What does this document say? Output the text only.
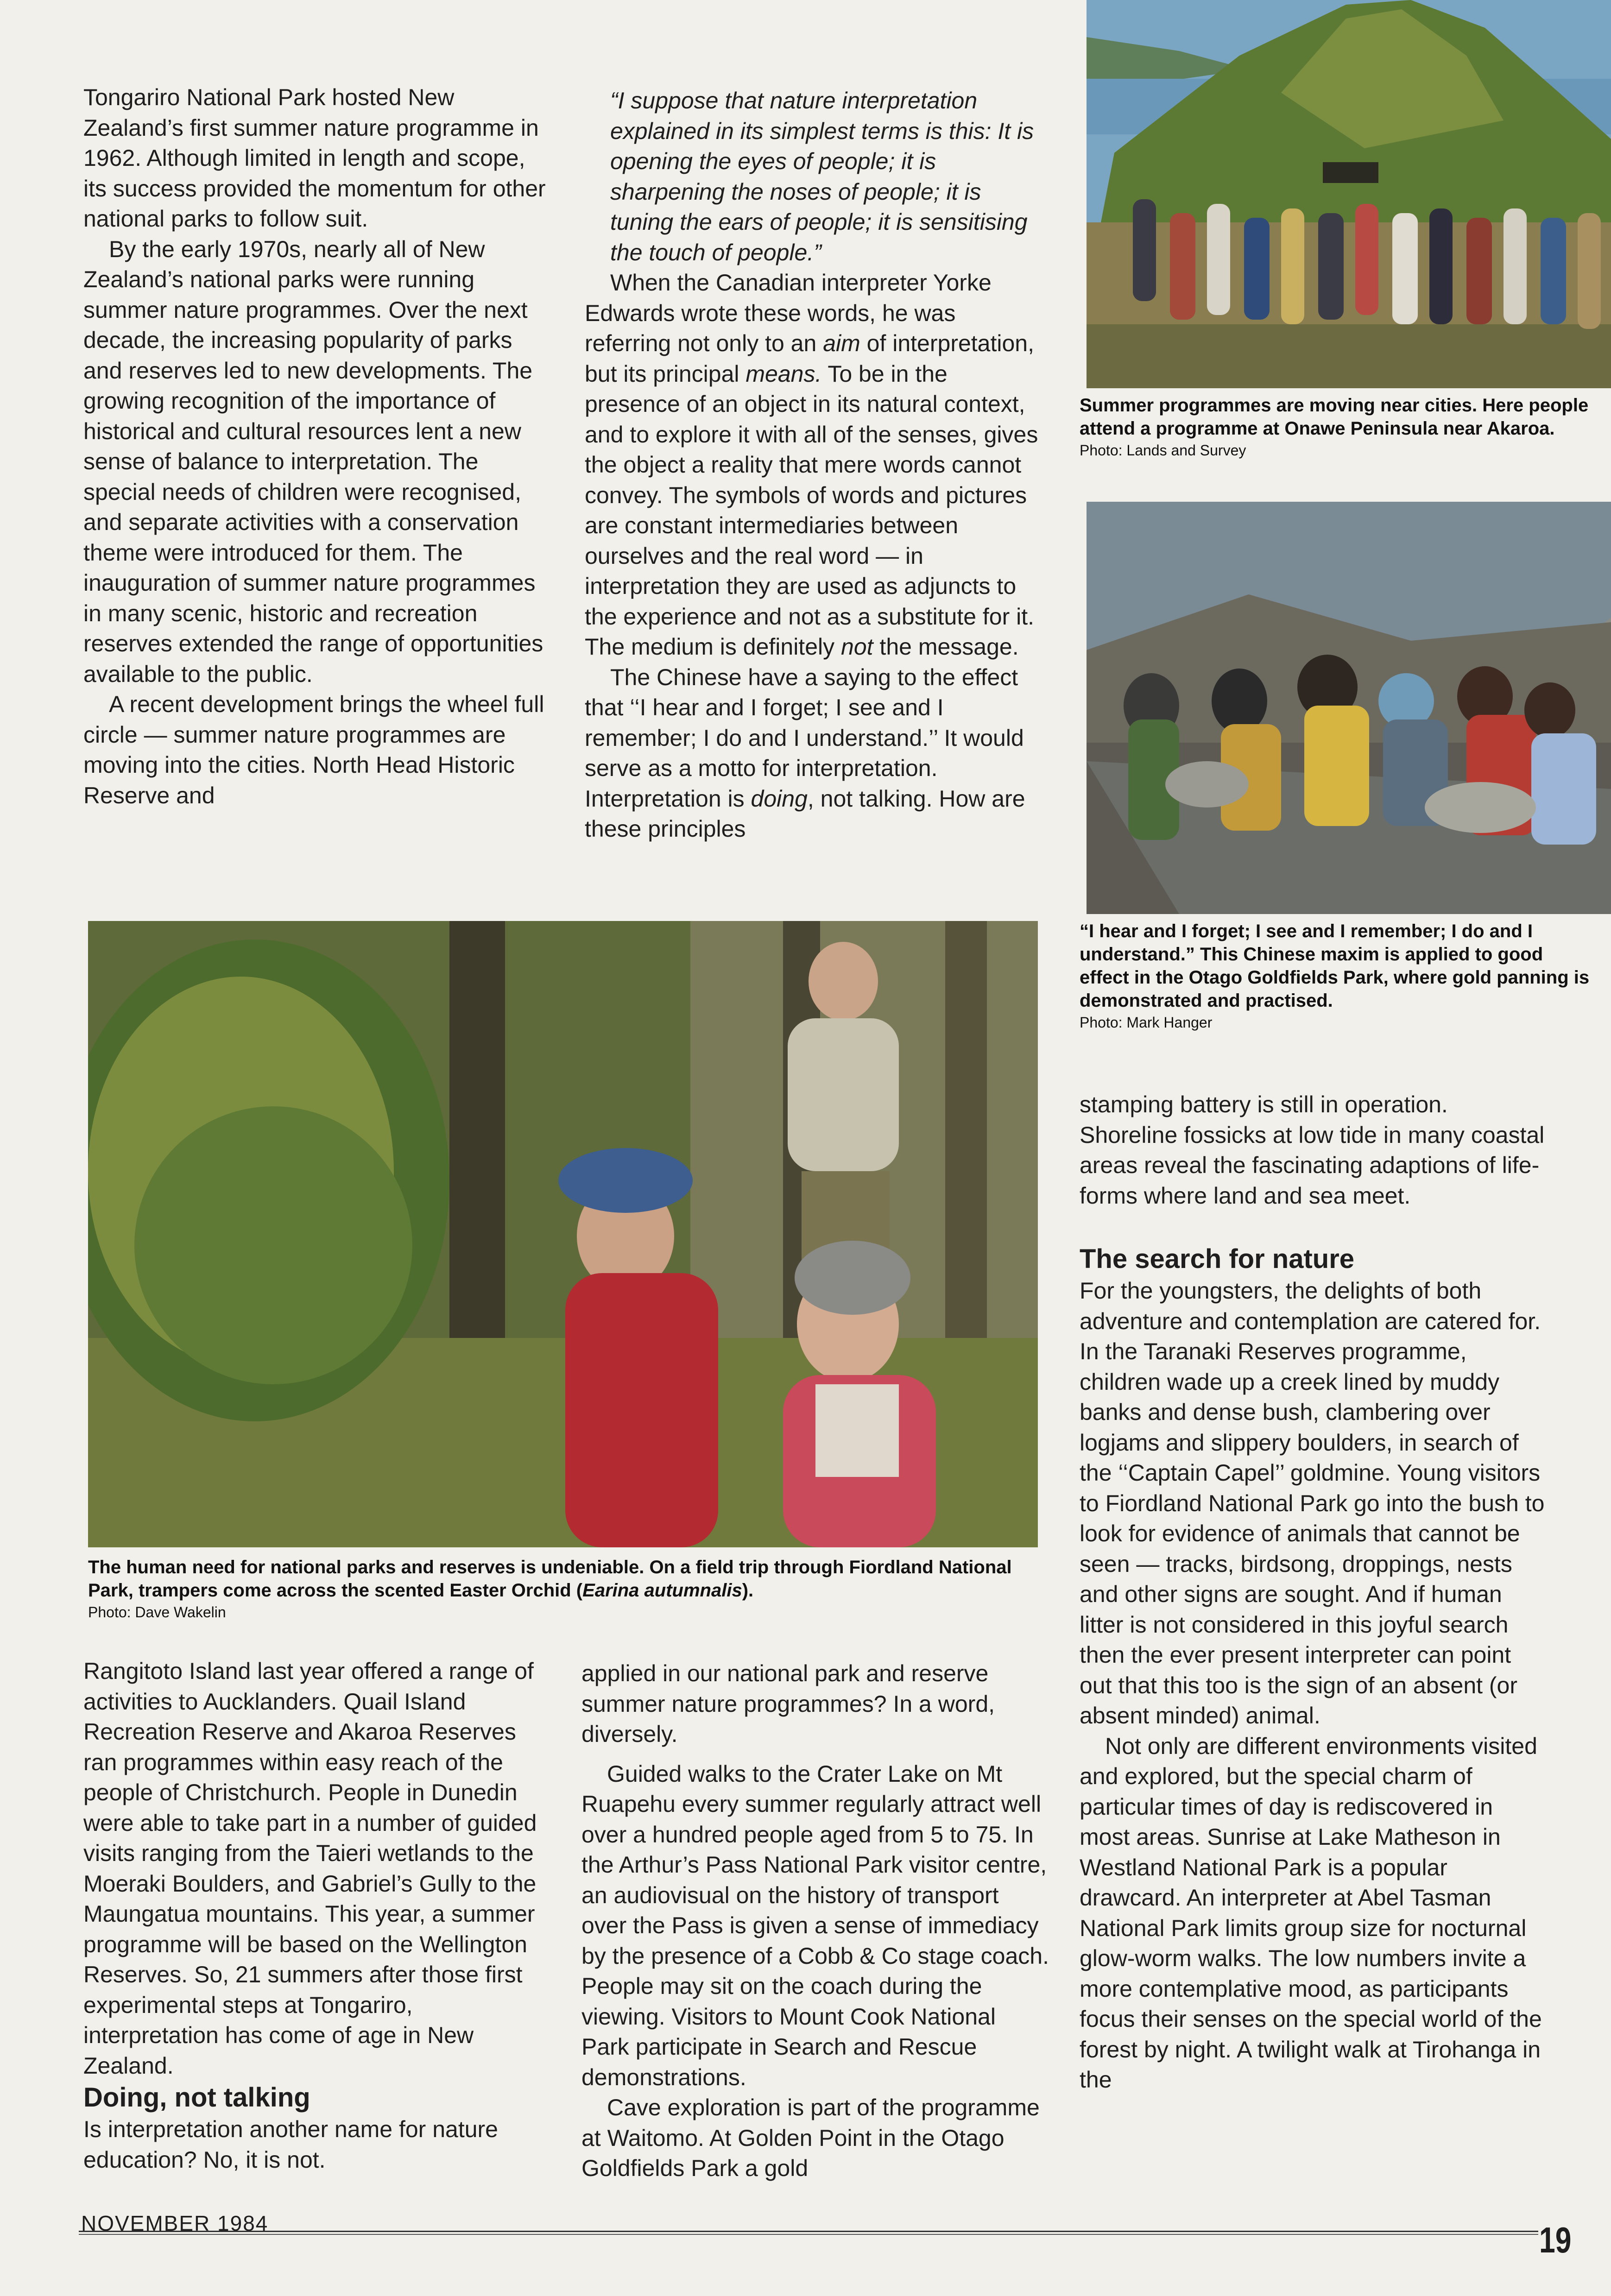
Tongariro National Park hosted New Zealand’s first summer nature programme in 1962. Although limited in length and scope, its success provided the momentum for other national parks to follow suit.

By the early 1970s, nearly all of New Zealand’s national parks were running summer nature programmes. Over the next decade, the increasing popularity of parks and reserves led to new developments. The growing recognition of the importance of historical and cultural resources lent a new sense of balance to interpretation. The special needs of children were recognised, and separate activities with a conservation theme were introduced for them. The inauguration of summer nature programmes in many scenic, historic and recreation reserves extended the range of opportunities available to the public.

A recent development brings the wheel full circle — summer nature programmes are moving into the cities. North Head Historic Reserve and

“I suppose that nature interpretation explained in its simplest terms is this: It is opening the eyes of people; it is sharpening the noses of people; it is tuning the ears of people; it is sensitising the touch of people.”

When the Canadian interpreter Yorke Edwards wrote these words, he was referring not only to an aim of interpretation, but its principal means. To be in the presence of an object in its natural context, and to explore it with all of the senses, gives the object a reality that mere words cannot convey. The symbols of words and pictures are constant intermediaries between ourselves and the real word — in interpretation they are used as adjuncts to the experience and not as a substitute for it. The medium is definitely not the message.

The Chinese have a saying to the effect that ‘‘I hear and I forget; I see and I remember; I do and I understand.’’ It would serve as a motto for interpretation. Interpretation is doing, not talking. How are these principles

Summer programmes are moving near cities. Here people attend a programme at Onawe Peninsula near Akaroa.
Photo: Lands and Survey
“I hear and I forget; I see and I remember; I do and I understand.” This Chinese maxim is applied to good effect in the Otago Goldfields Park, where gold panning is demonstrated and practised.
Photo: Mark Hanger
The human need for national parks and reserves is undeniable. On a field trip through Fiordland National Park, trampers come across the scented Easter Orchid (Earina autumnalis).
Photo: Dave Wakelin

stamping battery is still in operation. Shoreline fossicks at low tide in many coastal areas reveal the fascinating adaptions of life-forms where land and sea meet.

The search for nature

For the youngsters, the delights of both adventure and contemplation are catered for. In the Taranaki Reserves programme, children wade up a creek lined by muddy banks and dense bush, clambering over logjams and slippery boulders, in search of the ‘‘Captain Capel’’ goldmine. Young visitors to Fiordland National Park go into the bush to look for evidence of animals that cannot be seen — tracks, birdsong, droppings, nests and other signs are sought. And if human litter is not considered in this joyful search then the ever present interpreter can point out that this too is the sign of an absent (or absent minded) animal.

Not only are different environments visited and explored, but the special charm of particular times of day is rediscovered in most areas. Sunrise at Lake Matheson in Westland National Park is a popular drawcard. An interpreter at Abel Tasman National Park limits group size for nocturnal glow-worm walks. The low numbers invite a more contemplative mood, as participants focus their senses on the special world of the forest by night. A twilight walk at Tirohanga in the

Rangitoto Island last year offered a range of activities to Aucklanders. Quail Island Recreation Reserve and Akaroa Reserves ran programmes within easy reach of the people of Christchurch. People in Dunedin were able to take part in a number of guided visits ranging from the Taieri wetlands to the Moeraki Boulders, and Gabriel’s Gully to the Maungatua mountains. This year, a summer programme will be based on the Wellington Reserves. So, 21 summers after those first experimental steps at Tongariro, interpretation has come of age in New Zealand.

Doing, not talking

Is interpretation another name for nature education? No, it is not.

applied in our national park and reserve summer nature programmes? In a word, diversely.

Guided walks to the Crater Lake on Mt Ruapehu every summer regularly attract well over a hundred people aged from 5 to 75. In the Arthur’s Pass National Park visitor centre, an audiovisual on the history of transport over the Pass is given a sense of immediacy by the presence of a Cobb & Co stage coach. People may sit on the coach during the viewing. Visitors to Mount Cook National Park participate in Search and Rescue demonstrations.

Cave exploration is part of the programme at Waitomo. At Golden Point in the Otago Goldfields Park a gold

NOVEMBER 1984	19
